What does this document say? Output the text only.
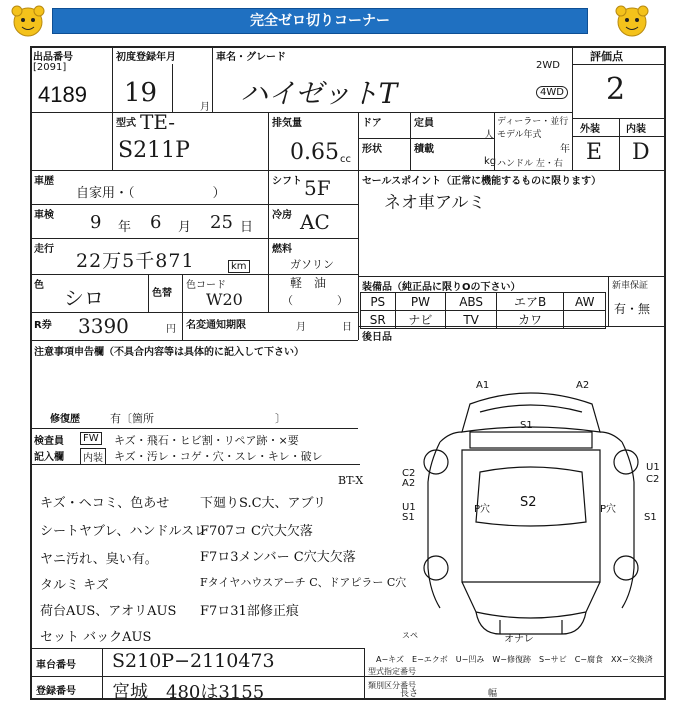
完全ゼロ切りコーナー
出品番号
[2091]
4189
初度登録年月
19	月
車名・グレード
ハイゼットT
2WD
4WD
評価点
2
型式 TE-
S211P
排気量
0.65 cc
ドア	定員
人
形状	積載
kg
ディーラー・並行
モデル年式
年
ハンドル 左・右
外装	内装
E D
車歴
自家用・（　　　　　　）
シフト 5F
車検 9 年 6 月 25 日
冷房 AC
走行
22万5千871	km
燃料
ガソリン
軽　油
（　　　　）
色
シロ	色替
色コード
W20
R券 3390	円 名変通知期限	月	日
セールスポイント（正常に機能するものに限ります）
ネオ車アルミ
装備品（純正品に限りOの下さい）	新車保証
有・無
PS	PW	ABS	エアB	AW
SR	ナビ	TV	カワ	
後日品
注意事項申告欄（不具合内容等は具体的に記入して下さい）
修復歴	有〔箇所　　　　　　　　　　　〕
検査員	FW キズ・飛石・ヒビ割・リペア跡・×要
記入欄	内装 キズ・汚レ・コゲ・穴・スレ・キレ・破レ
キズ・ヘコミ、色あせ
シートヤブレ、ハンドルスレ
ヤニ汚れ、臭い有。
タルミ キズ
荷台AUS、アオリAUS
セット バックAUS
下廻りS.C大、アブリ
F707コ C穴大欠落
F7ロ3メンバー C穴大欠落
Fタイヤハウスアーチ C、ドアピラー C穴
F7ロ31部修正痕
BT-X
A1	A2
S1
C2
A2
U1
C2
U1
S1
P穴 S2	P穴
S1
スペ	オナレ
A−キズ　E−エクボ　U−凹み　W−修復跡　S−サビ　C−腐食　XX−交換済
車台番号 S210P−2110473
登録番号 宮城　480は3155
型式指定番号
類別区分番号
長さ	幅
